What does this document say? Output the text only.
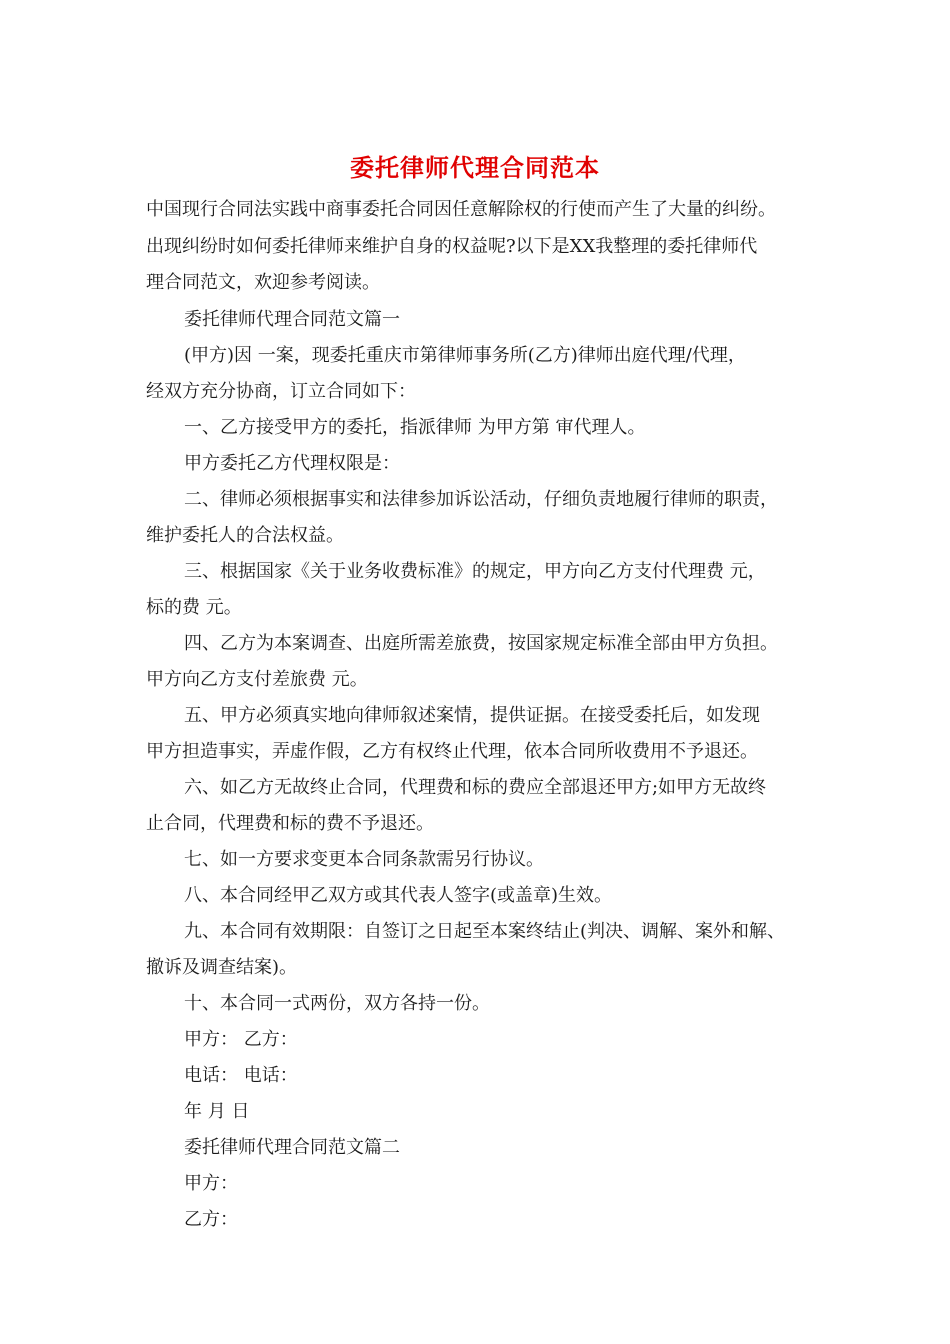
委托律师代理合同范本
中国现行合同法实践中商事委托合同因任意解除权的行使而产生了大量的纠纷。
出现纠纷时如何委托律师来维护自身的权益呢?以下是XX我整理的委托律师代
理合同范文，欢迎参考阅读。
委托律师代理合同范文篇一
(甲方)因 一案，现委托重庆市第律师事务所(乙方)律师出庭代理/代理，
经双方充分协商，订立合同如下：
一、乙方接受甲方的委托，指派律师 为甲方第 审代理人。
甲方委托乙方代理权限是：
二、律师必须根据事实和法律参加诉讼活动，仔细负责地履行律师的职责，
维护委托人的合法权益。
三、根据国家《关于业务收费标准》的规定，甲方向乙方支付代理费 元，
标的费 元。
四、乙方为本案调查、出庭所需差旅费，按国家规定标准全部由甲方负担。
甲方向乙方支付差旅费 元。
五、甲方必须真实地向律师叙述案情，提供证据。在接受委托后，如发现
甲方担造事实，弄虚作假，乙方有权终止代理，依本合同所收费用不予退还。
六、如乙方无故终止合同，代理费和标的费应全部退还甲方;如甲方无故终
止合同，代理费和标的费不予退还。
七、如一方要求变更本合同条款需另行协议。
八、本合同经甲乙双方或其代表人签字(或盖章)生效。
九、本合同有效期限：自签订之日起至本案终结止(判决、调解、案外和解、
撤诉及调查结案)。
十、本合同一式两份，双方各持一份。
甲方： 乙方：
电话： 电话：
年 月 日
委托律师代理合同范文篇二
甲方：
乙方：
